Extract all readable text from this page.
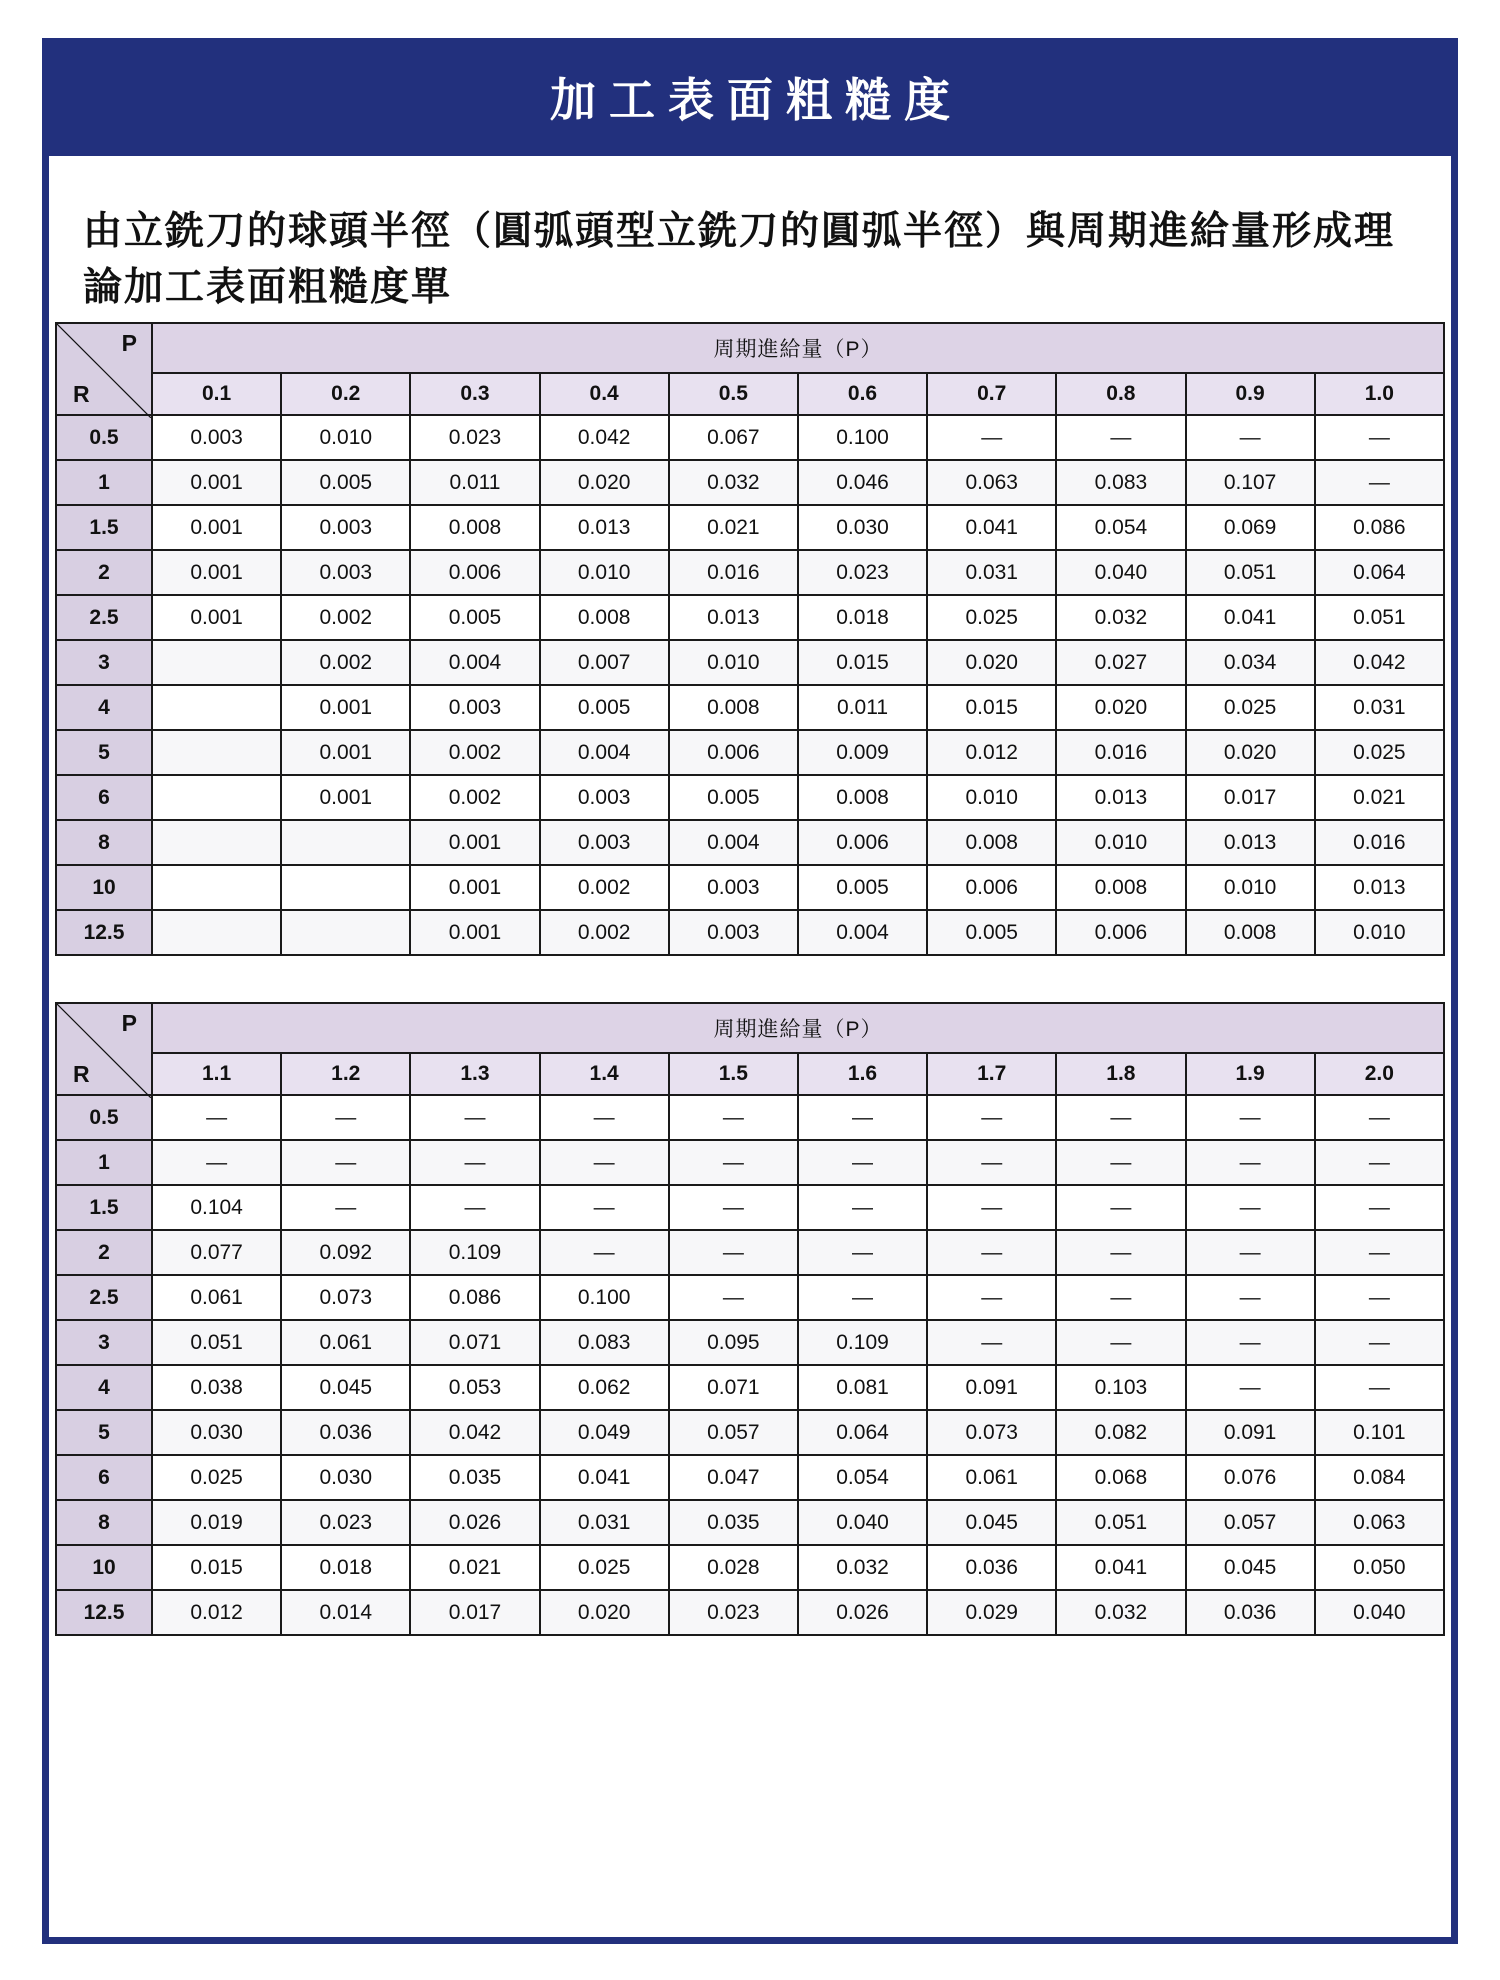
加工表面粗糙度

由立銑刀的球頭半徑（圓弧頭型立銑刀的圓弧半徑）與周期進給量形成理論加工表面粗糙度單

P
R	周期進給量（P）									
	0.1	0.2	0.3	0.4	0.5	0.6	0.7	0.8	0.9	1.0
0.5	0.003	0.010	0.023	0.042	0.067	0.100	—	—	—	—
1	0.001	0.005	0.011	0.020	0.032	0.046	0.063	0.083	0.107	—
1.5	0.001	0.003	0.008	0.013	0.021	0.030	0.041	0.054	0.069	0.086
2	0.001	0.003	0.006	0.010	0.016	0.023	0.031	0.040	0.051	0.064
2.5	0.001	0.002	0.005	0.008	0.013	0.018	0.025	0.032	0.041	0.051
3		0.002	0.004	0.007	0.010	0.015	0.020	0.027	0.034	0.042
4		0.001	0.003	0.005	0.008	0.011	0.015	0.020	0.025	0.031
5		0.001	0.002	0.004	0.006	0.009	0.012	0.016	0.020	0.025
6		0.001	0.002	0.003	0.005	0.008	0.010	0.013	0.017	0.021
8			0.001	0.003	0.004	0.006	0.008	0.010	0.013	0.016
10			0.001	0.002	0.003	0.005	0.006	0.008	0.010	0.013
12.5			0.001	0.002	0.003	0.004	0.005	0.006	0.008	0.010
P
R	周期進給量（P）									
	1.1	1.2	1.3	1.4	1.5	1.6	1.7	1.8	1.9	2.0
0.5	—	—	—	—	—	—	—	—	—	—
1	—	—	—	—	—	—	—	—	—	—
1.5	0.104	—	—	—	—	—	—	—	—	—
2	0.077	0.092	0.109	—	—	—	—	—	—	—
2.5	0.061	0.073	0.086	0.100	—	—	—	—	—	—
3	0.051	0.061	0.071	0.083	0.095	0.109	—	—	—	—
4	0.038	0.045	0.053	0.062	0.071	0.081	0.091	0.103	—	—
5	0.030	0.036	0.042	0.049	0.057	0.064	0.073	0.082	0.091	0.101
6	0.025	0.030	0.035	0.041	0.047	0.054	0.061	0.068	0.076	0.084
8	0.019	0.023	0.026	0.031	0.035	0.040	0.045	0.051	0.057	0.063
10	0.015	0.018	0.021	0.025	0.028	0.032	0.036	0.041	0.045	0.050
12.5	0.012	0.014	0.017	0.020	0.023	0.026	0.029	0.032	0.036	0.040
